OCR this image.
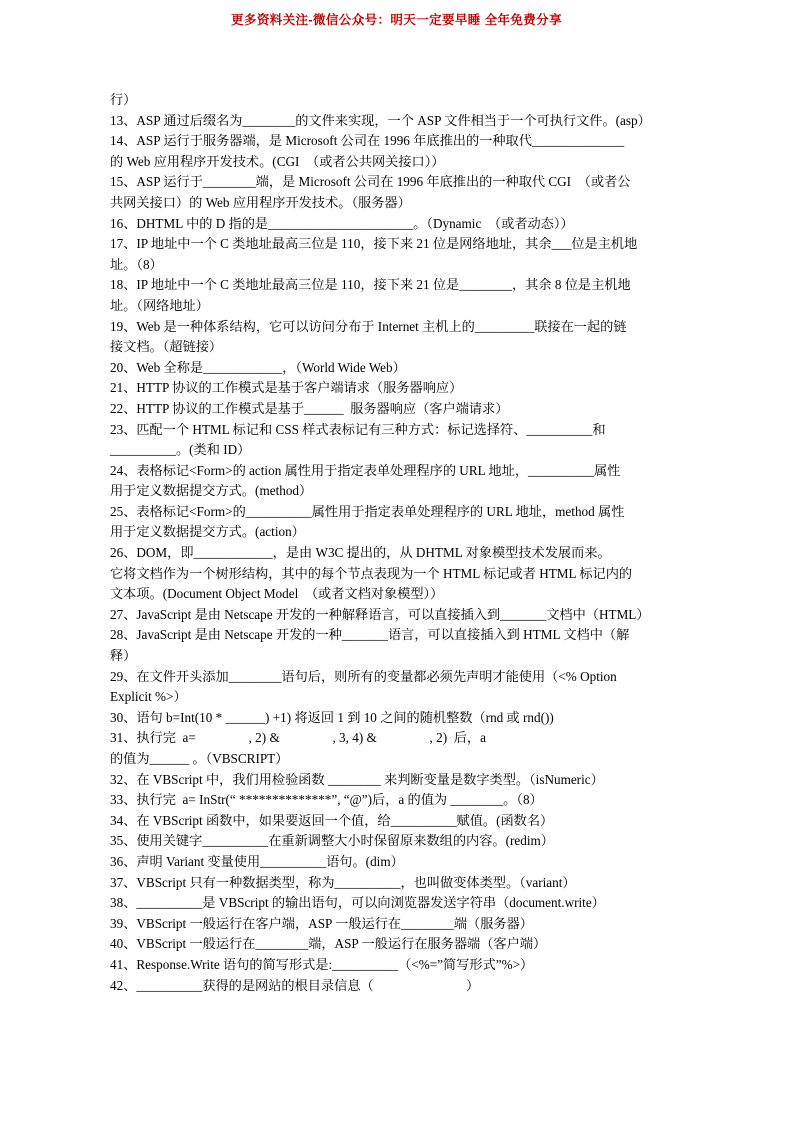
更多资料关注-微信公众号：明天一定要早睡 全年免费分享

行）

13、ASP 通过后缀名为________的文件来实现，一个 ASP 文件相当于一个可执行文件。(asp）

14、ASP 运行于服务器端，是 Microsoft 公司在 1996 年底推出的一种取代______________

的 Web 应用程序开发技术。(CGI  （或者公共网关接口））

15、ASP 运行于________端，是 Microsoft 公司在 1996 年底推出的一种取代 CGI  （或者公

共网关接口）的 Web 应用程序开发技术。（服务器）

16、DHTML 中的 D 指的是______________________。（Dynamic  （或者动态））

17、IP 地址中一个 C 类地址最高三位是 110，接下来 21 位是网络地址，其余___位是主机地

址。（8）

18、IP 地址中一个 C 类地址最高三位是 110，接下来 21 位是________，其余 8 位是主机地

址。（网络地址）

19、Web 是一种体系结构，它可以访问分布于 Internet 主机上的_________联接在一起的链

接文档。（超链接）

20、Web 全称是____________，（World Wide Web）

21、HTTP 协议的工作模式是基于客户端请求（服务器响应）

22、HTTP 协议的工作模式是基于______  服务器响应（客户端请求）

23、匹配一个 HTML 标记和 CSS 样式表标记有三种方式：标记选择符、__________和

__________。(类和 ID）

24、表格标记<Form>的 action 属性用于指定表单处理程序的 URL 地址，__________属性

用于定义数据提交方式。(method）

25、表格标记<Form>的__________属性用于指定表单处理程序的 URL 地址，method 属性

用于定义数据提交方式。(action）

26、DOM，即____________，是由 W3C 提出的，从 DHTML 对象模型技术发展而来。

它将文档作为一个树形结构，其中的每个节点表现为一个 HTML 标记或者 HTML 标记内的

文本项。(Document Object Model  （或者文档对象模型））

27、JavaScript 是由 Netscape 开发的一种解释语言，可以直接插入到_______文档中（HTML）

28、JavaScript 是由 Netscape 开发的一种_______语言，可以直接插入到 HTML 文档中（解

释）

29、在文件开头添加________语句后，则所有的变量都必须先声明才能使用（<% Option

Explicit %>）

30、语句 b=Int(10 * ______) +1) 将返回 1 到 10 之间的随机整数（rnd 或 rnd())

31、执行完  a=                , 2) &                , 3, 4) &                , 2)  后，a

的值为______ 。（VBSCRIPT）

32、在 VBScript 中，我们用检验函数 ________ 来判断变量是数字类型。（isNumeric）

33、执行完  a= InStr(“ **************”, “@”)后，a 的值为 ________。（8）

34、在 VBScript 函数中，如果要返回一个值，给__________赋值。(函数名）

35、使用关键字__________在重新调整大小时保留原来数组的内容。(redim）

36、声明 Variant 变量使用__________语句。(dim）

37、VBScript 只有一种数据类型，称为__________，也叫做变体类型。（variant）

38、__________是 VBScript 的输出语句，可以向浏览器发送字符串（document.write）

39、VBScript 一般运行在客户端，ASP 一般运行在________端（服务器）

40、VBScript 一般运行在________端，ASP 一般运行在服务器端（客户端）

41、Response.Write 语句的简写形式是:__________（<%=”简写形式”%>）

42、__________获得的是网站的根目录信息（                            ）
